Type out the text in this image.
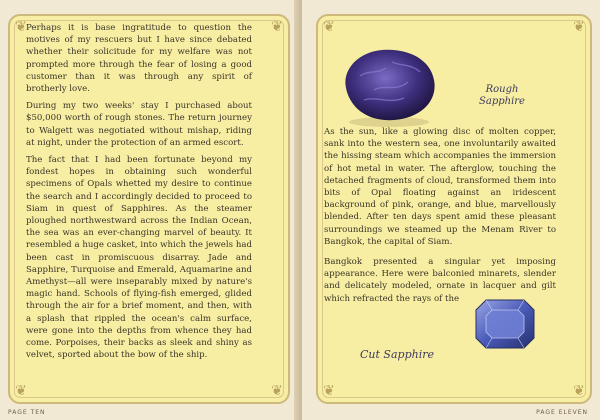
❦	❦
❦	❦

Perhaps it is base ingratitude to question the motives of my rescuers but I have since debated whether their solicitude for my welfare was not prompted more through the fear of losing a good customer than it was through any spirit of brotherly love.

During my two weeks' stay I purchased about $50,000 worth of rough stones. The return journey to Walgett was negotiated without mishap, riding at night, under the protection of an armed escort.

The fact that I had been fortunate beyond my fondest hopes in obtaining such wonderful specimens of Opals whetted my desire to continue the search and I accordingly decided to proceed to Siam in quest of Sapphires. As the steamer ploughed northwestward across the Indian Ocean, the sea was an ever-changing marvel of beauty. It resembled a huge casket, into which the jewels had been cast in promiscuous disarray. Jade and Sapphire, Turquoise and Emerald, Aquamarine and Amethyst—all were inseparably mixed by nature's magic hand. Schools of flying-fish emerged, glided through the air for a brief moment, and then, with a splash that rippled the ocean's calm surface, were gone into the depths from whence they had come. Porpoises, their backs as sleek and shiny as velvet, sported about the bow of the ship.

PAGE TEN
❦	❦
❦	❦
Rough
Sapphire

As the sun, like a glowing disc of molten copper, sank into the western sea, one involuntarily awaited the hissing steam which accompanies the immersion of hot metal in water. The afterglow, touching the detached fragments of cloud, transformed them into bits of Opal floating against an iridescent background of pink, orange, and blue, marvellously blended. After ten days spent amid these pleasant surroundings we steamed up the Menam River to Bangkok, the capital of Siam.

Bangkok presented a singular yet imposing appearance. Here were balconied minarets, slender and delicately modeled, ornate in lacquer and gilt which refracted the rays of the

Cut Sapphire
PAGE ELEVEN
